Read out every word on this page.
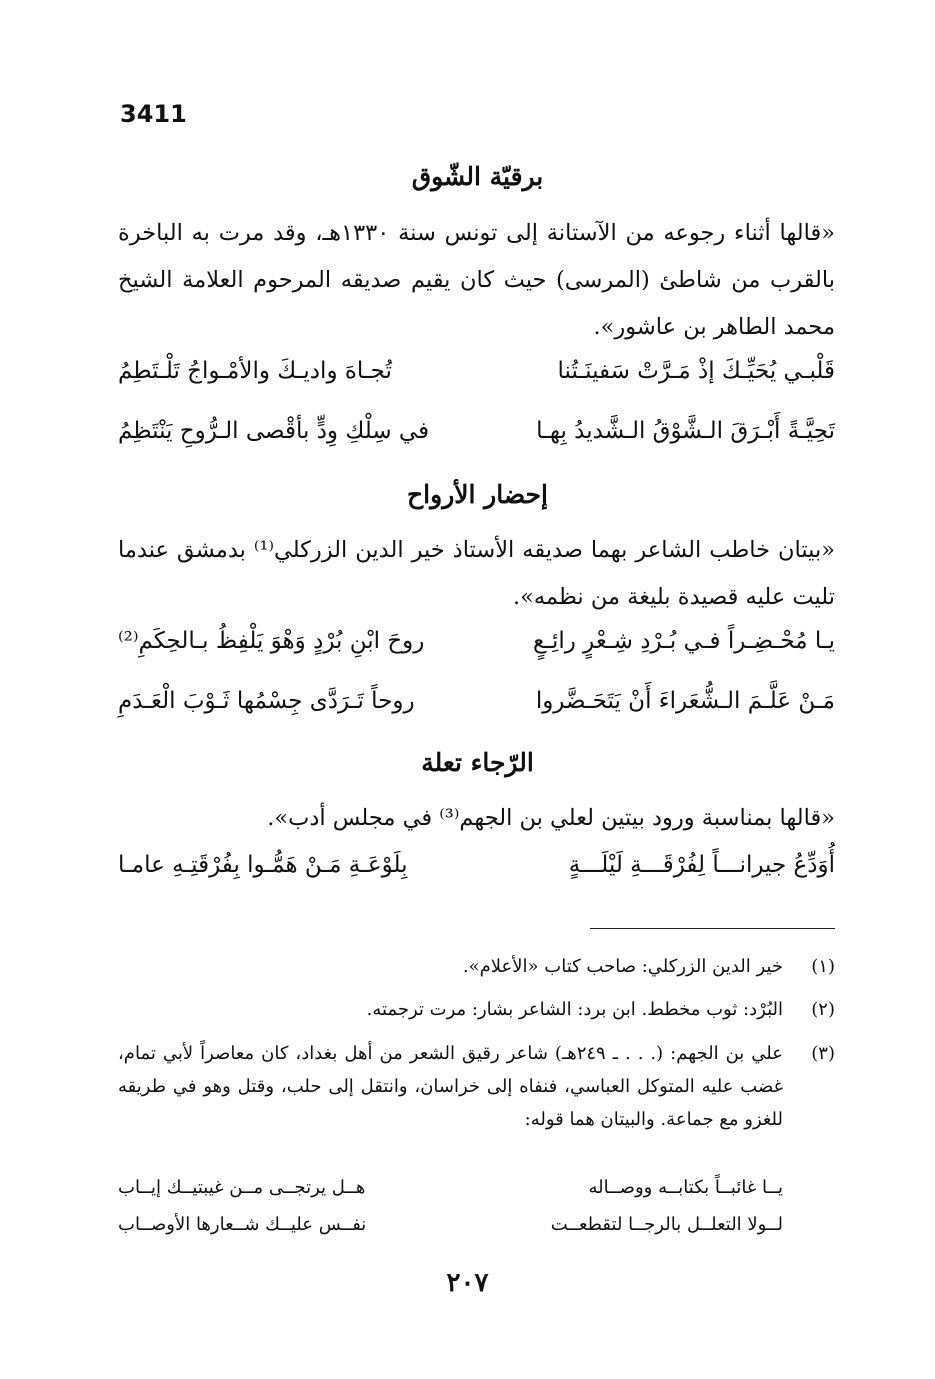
3411
برقيّة الشّوق
«قالها أثناء رجوعه من الآستانة إلى تونس سنة ١٣٣٠هـ، وقد مرت به الباخرة بالقرب من شاطئ (المرسى) حيث كان يقيم صديقه المرحوم العلامة الشيخ محمد الطاهر بن عاشور».
قَلْبـي يُحَيِّـكَ إذْ مَـرَّتْ سَفينَـتُنا
تُجـاهَ واديـكَ والأمْـواجُ تَلْـتَطِمُ
تَحِيَّـةً أَبْـرَقَ الـشَّوْقُ الـشَّديدُ بِهـا
في سِلْكِ وِدٍّ بأقْصى الـرُّوحِ يَنْتَظِمُ
إحضار الأرواح
«بيتان خاطب الشاعر بهما صديقه الأستاذ خير الدين الزركلي⁽¹⁾ بدمشق عندما تليت عليه قصيدة بليغة من نظمه».
يـا مُحْـضِـراً فـي بُـرْدِ شِـعْرٍ رائِـعٍ
روحَ ابْنِ بُرْدٍ وَهْوَ يَلْفِظُ بـالحِكَمِ⁽²⁾
مَـنْ عَلَّـمَ الـشُّعَراءَ أَنْ يَتَحَـضَّروا
روحاً تَـرَدَّى جِسْمُها ثَـوْبَ الْعَـدَمِ
الرّجاء تعلة
«قالها بمناسبة ورود بيتين لعلي بن الجهم⁽³⁾ في مجلس أدب».
أُوَدِّعُ جيرانـــاً لِفُرْقَـــةِ لَيْلَـــةٍ
بِلَوْعَـةِ مَـنْ هَمُّـوا بِفُرْقَتِـهِ عامـا
(١)
خير الدين الزركلي: صاحب كتاب «الأعلام».
(٢)
البُرْد: ثوب مخطط. ابن برد: الشاعر بشار: مرت ترجمته.
(٣)
علي بن الجهم: (. . . ـ ٢٤٩هـ) شاعر رقيق الشعر من أهل بغداد، كان معاصراً لأبي تمام، غضب عليه المتوكل العباسي، فنفاه إلى خراسان، وانتقل إلى حلب، وقتل وهو في طريقه للغزو مع جماعة. والبيتان هما قوله:
يــا غائبــاً بكتابــه ووصــاله
هــل يرتجــى مــن غيبتيــك إيــاب
لــولا التعلــل بالرجــا لتقطعــت
نفــس عليــك شــعارها الأوصــاب
٢٠٧
